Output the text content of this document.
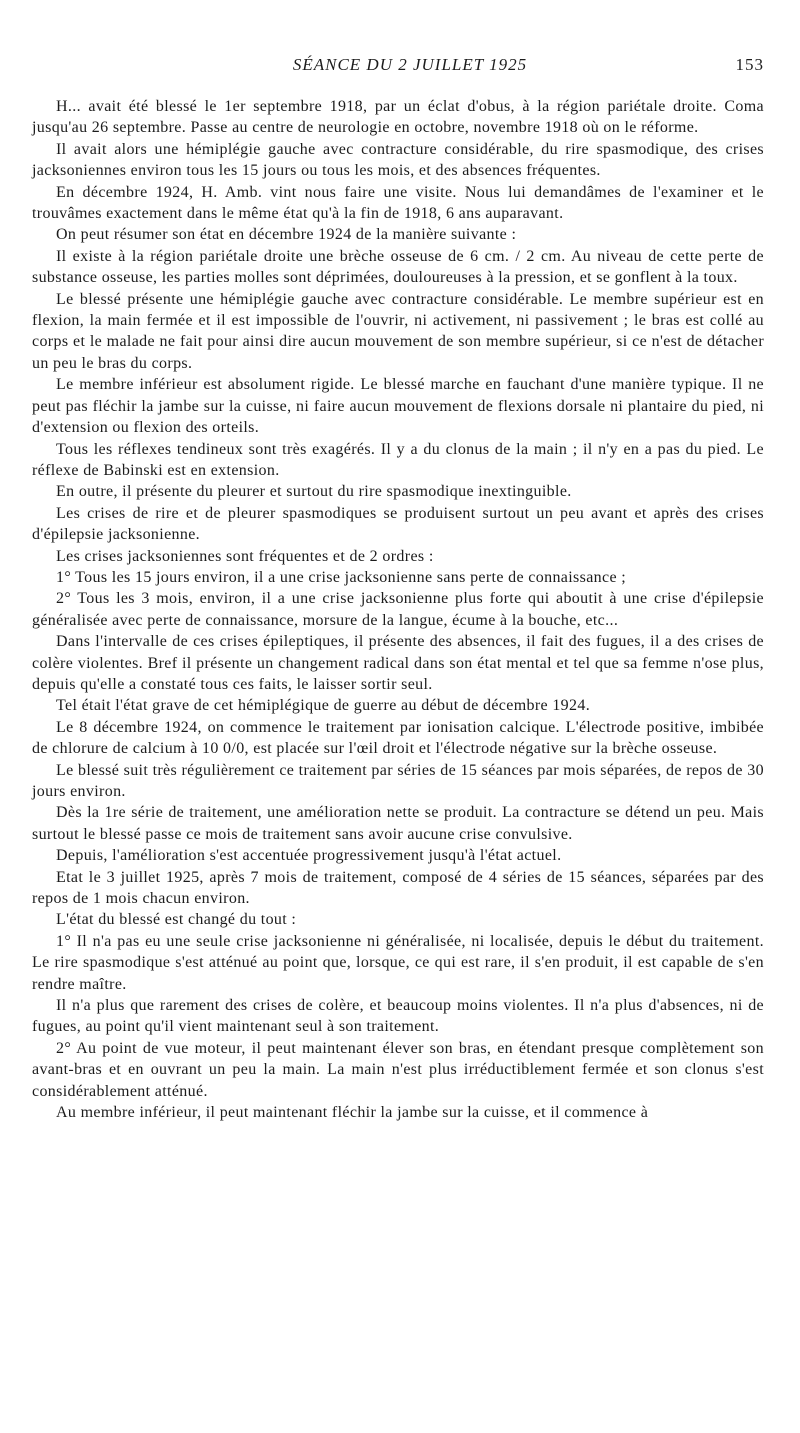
SÉANCE DU 2 JUILLET 1925	153

H... avait été blessé le 1er septembre 1918, par un éclat d'obus, à la région pariétale droite. Coma jusqu'au 26 septembre. Passe au centre de neurologie en octobre, novembre 1918 où on le réforme.

Il avait alors une hémiplégie gauche avec contracture considérable, du rire spasmodique, des crises jacksoniennes environ tous les 15 jours ou tous les mois, et des absences fréquentes.

En décembre 1924, H. Amb. vint nous faire une visite. Nous lui demandâmes de l'examiner et le trouvâmes exactement dans le même état qu'à la fin de 1918, 6 ans auparavant.

On peut résumer son état en décembre 1924 de la manière suivante :

Il existe à la région pariétale droite une brèche osseuse de 6 cm. / 2 cm. Au niveau de cette perte de substance osseuse, les parties molles sont déprimées, douloureuses à la pression, et se gonflent à la toux.

Le blessé présente une hémiplégie gauche avec contracture considérable. Le membre supérieur est en flexion, la main fermée et il est impossible de l'ouvrir, ni activement, ni passivement ; le bras est collé au corps et le malade ne fait pour ainsi dire aucun mouvement de son membre supérieur, si ce n'est de détacher un peu le bras du corps.

Le membre inférieur est absolument rigide. Le blessé marche en fauchant d'une manière typique. Il ne peut pas fléchir la jambe sur la cuisse, ni faire aucun mouvement de flexions dorsale ni plantaire du pied, ni d'extension ou flexion des orteils.

Tous les réflexes tendineux sont très exagérés. Il y a du clonus de la main ; il n'y en a pas du pied. Le réflexe de Babinski est en extension.

En outre, il présente du pleurer et surtout du rire spasmodique inextinguible.

Les crises de rire et de pleurer spasmodiques se produisent surtout un peu avant et après des crises d'épilepsie jacksonienne.

Les crises jacksoniennes sont fréquentes et de 2 ordres :

1° Tous les 15 jours environ, il a une crise jacksonienne sans perte de connaissance ;

2° Tous les 3 mois, environ, il a une crise jacksonienne plus forte qui aboutit à une crise d'épilepsie généralisée avec perte de connaissance, morsure de la langue, écume à la bouche, etc...

Dans l'intervalle de ces crises épileptiques, il présente des absences, il fait des fugues, il a des crises de colère violentes. Bref il présente un changement radical dans son état mental et tel que sa femme n'ose plus, depuis qu'elle a constaté tous ces faits, le laisser sortir seul.

Tel était l'état grave de cet hémiplégique de guerre au début de décembre 1924.

Le 8 décembre 1924, on commence le traitement par ionisation calcique. L'électrode positive, imbibée de chlorure de calcium à 10 0/0, est placée sur l'œil droit et l'électrode négative sur la brèche osseuse.

Le blessé suit très régulièrement ce traitement par séries de 15 séances par mois séparées, de repos de 30 jours environ.

Dès la 1re série de traitement, une amélioration nette se produit. La contracture se détend un peu. Mais surtout le blessé passe ce mois de traitement sans avoir aucune crise convulsive.

Depuis, l'amélioration s'est accentuée progressivement jusqu'à l'état actuel.

Etat le 3 juillet 1925, après 7 mois de traitement, composé de 4 séries de 15 séances, séparées par des repos de 1 mois chacun environ.

L'état du blessé est changé du tout :

1° Il n'a pas eu une seule crise jacksonienne ni généralisée, ni localisée, depuis le début du traitement. Le rire spasmodique s'est atténué au point que, lorsque, ce qui est rare, il s'en produit, il est capable de s'en rendre maître.

Il n'a plus que rarement des crises de colère, et beaucoup moins violentes. Il n'a plus d'absences, ni de fugues, au point qu'il vient maintenant seul à son traitement.

2° Au point de vue moteur, il peut maintenant élever son bras, en étendant presque complètement son avant-bras et en ouvrant un peu la main. La main n'est plus irréductiblement fermée et son clonus s'est considérablement atténué.

Au membre inférieur, il peut maintenant fléchir la jambe sur la cuisse, et il commence à
